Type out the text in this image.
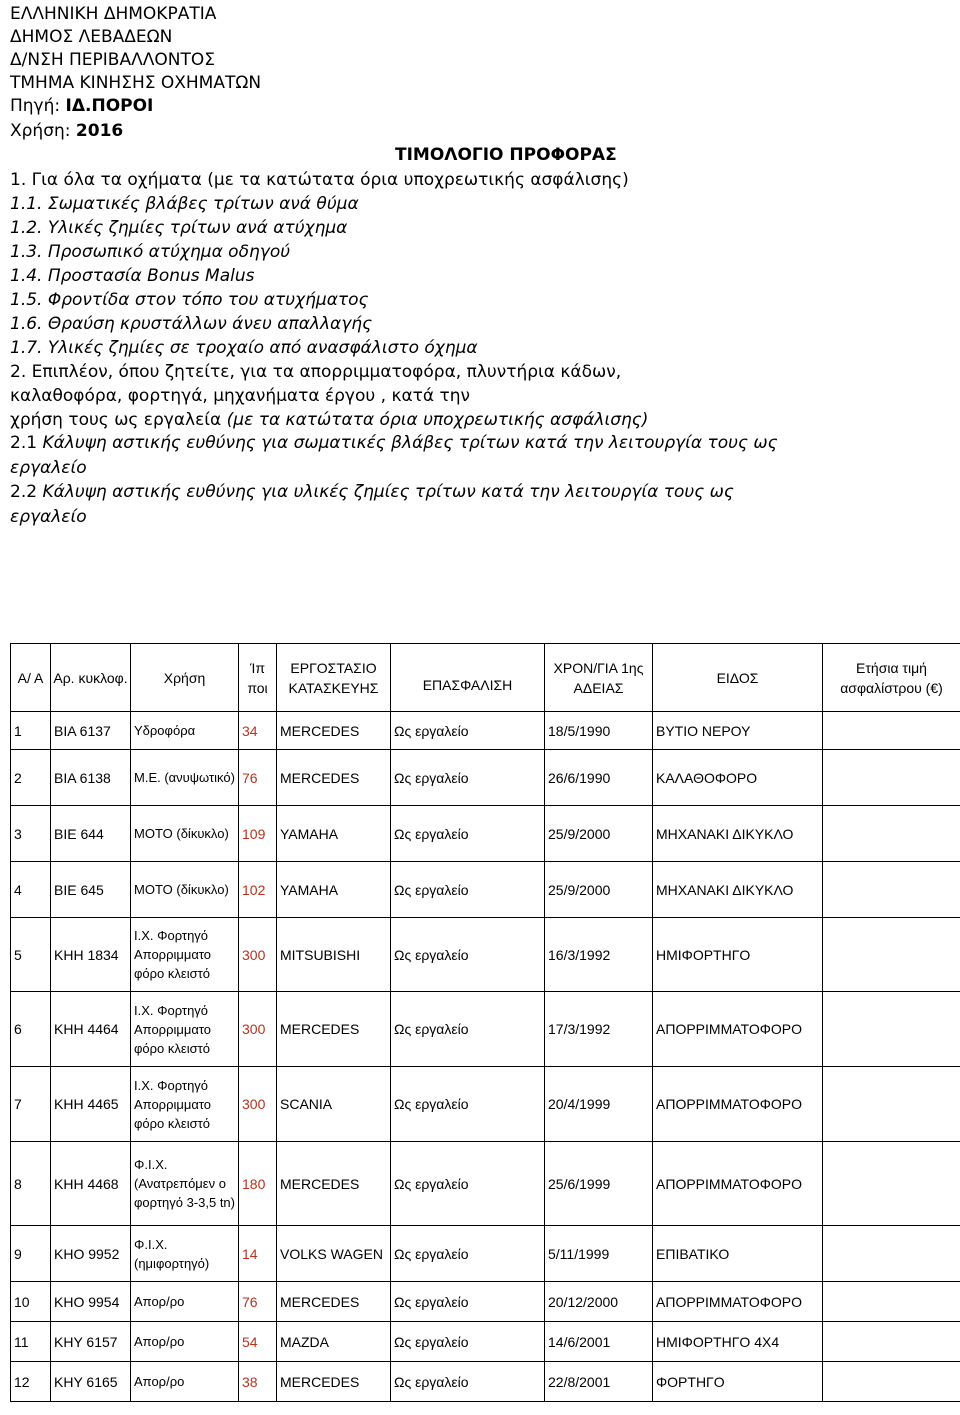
ΕΛΛΗΝΙΚΗ ΔΗΜΟΚΡΑΤΙΑ
ΔΗΜΟΣ ΛΕΒΑΔΕΩΝ
Δ/ΝΣΗ ΠΕΡΙΒΑΛΛΟΝΤΟΣ
ΤΜΗΜΑ ΚΙΝΗΣΗΣ ΟΧΗΜΑΤΩΝ
Πηγή: ΙΔ.ΠΟΡΟΙ
Χρήση: 2016
ΤΙΜΟΛΟΓΙΟ ΠΡΟΦΟΡΑΣ
1. Για όλα τα οχήματα (με τα κατώτατα όρια υποχρεωτικής ασφάλισης)
1.1. Σωματικές βλάβες τρίτων ανά θύμα
1.2. Υλικές ζημίες τρίτων ανά ατύχημα
1.3. Προσωπικό ατύχημα οδηγού
1.4. Προστασία Bonus Malus
1.5. Φροντίδα στον τόπο του ατυχήματος
1.6. Θραύση κρυστάλλων άνευ απαλλαγής
1.7. Υλικές ζημίες σε τροχαίο από ανασφάλιστο όχημα
2. Επιπλέον, όπου ζητείτε, για τα απορριμματοφόρα, πλυντήρια κάδων,
καλαθοφόρα, φορτηγά, μηχανήματα έργου , κατά την
χρήση τους ως εργαλεία (με τα κατώτατα όρια υποχρεωτικής ασφάλισης)
2.1 Κάλυψη αστικής ευθύνης για σωματικές βλάβες τρίτων κατά την λειτουργία τους ως εργαλείο
2.2 Κάλυψη αστικής ευθύνης για υλικές ζημίες τρίτων κατά την λειτουργία τους ως εργαλείο
Α/ Α	Αρ. κυκλοφ.	Χρήση	Ίπ ποι	ΕΡΓΟΣΤΑΣΙΟ ΚΑΤΑΣΚΕΥΗΣ	ΕΠΑΣΦΑΛΙΣΗ	ΧΡΟΝ/ΓΙΑ 1ης ΑΔΕΙΑΣ	ΕΙΔΟΣ	Ετήσια τιμή ασφαλίστρου (€)
1	ΒΙΑ 6137	Υδροφόρα	34	MERCEDES	Ως εργαλείο	18/5/1990	ΒΥΤΙΟ ΝΕΡΟΥ	
2	ΒΙΑ 6138	Μ.Ε. (ανυψωτικό)	76	MERCEDES	Ως εργαλείο	26/6/1990	ΚΑΛΑΘΟΦΟΡΟ	
3	ΒΙΕ 644	ΜΟΤΟ (δίκυκλο)	109	YAMAHA	Ως εργαλείο	25/9/2000	ΜΗΧΑΝΑΚΙ ΔΙΚΥΚΛΟ	
4	ΒΙΕ 645	ΜΟΤΟ (δίκυκλο)	102	YAMAHA	Ως εργαλείο	25/9/2000	ΜΗΧΑΝΑΚΙ ΔΙΚΥΚΛΟ	
5	ΚΗΗ 1834	Ι.Χ. Φορτηγό Απορριμματο φόρο κλειστό	300	MITSUBISHI	Ως εργαλείο	16/3/1992	ΗΜΙΦΟΡΤΗΓΟ	
6	ΚΗΗ 4464	Ι.Χ. Φορτηγό Απορριμματο φόρο κλειστό	300	MERCEDES	Ως εργαλείο	17/3/1992	ΑΠΟΡΡΙΜΜΑΤΟΦΟΡΟ	
7	ΚΗΗ 4465	Ι.Χ. Φορτηγό Απορριμματο φόρο κλειστό	300	SCANIA	Ως εργαλείο	20/4/1999	ΑΠΟΡΡΙΜΜΑΤΟΦΟΡΟ	
8	ΚΗΗ 4468	Φ.Ι.Χ. (Ανατρεπόμεν ο φορτηγό 3-3,5 tn)	180	MERCEDES	Ως εργαλείο	25/6/1999	ΑΠΟΡΡΙΜΜΑΤΟΦΟΡΟ	
9	ΚΗΟ 9952	Φ.Ι.Χ. (ημιφορτηγό)	14	VOLKS WAGEN	Ως εργαλείο	5/11/1999	ΕΠΙΒΑΤΙΚΟ	
10	ΚΗΟ 9954	Απορ/ρο	76	MERCEDES	Ως εργαλείο	20/12/2000	ΑΠΟΡΡΙΜΜΑΤΟΦΟΡΟ	
11	ΚΗΥ 6157	Απορ/ρο	54	MAZDA	Ως εργαλείο	14/6/2001	ΗΜΙΦΟΡΤΗΓΟ 4Χ4	
12	ΚΗΥ 6165	Απορ/ρο	38	MERCEDES	Ως εργαλείο	22/8/2001	ΦΟΡΤΗΓΟ	
